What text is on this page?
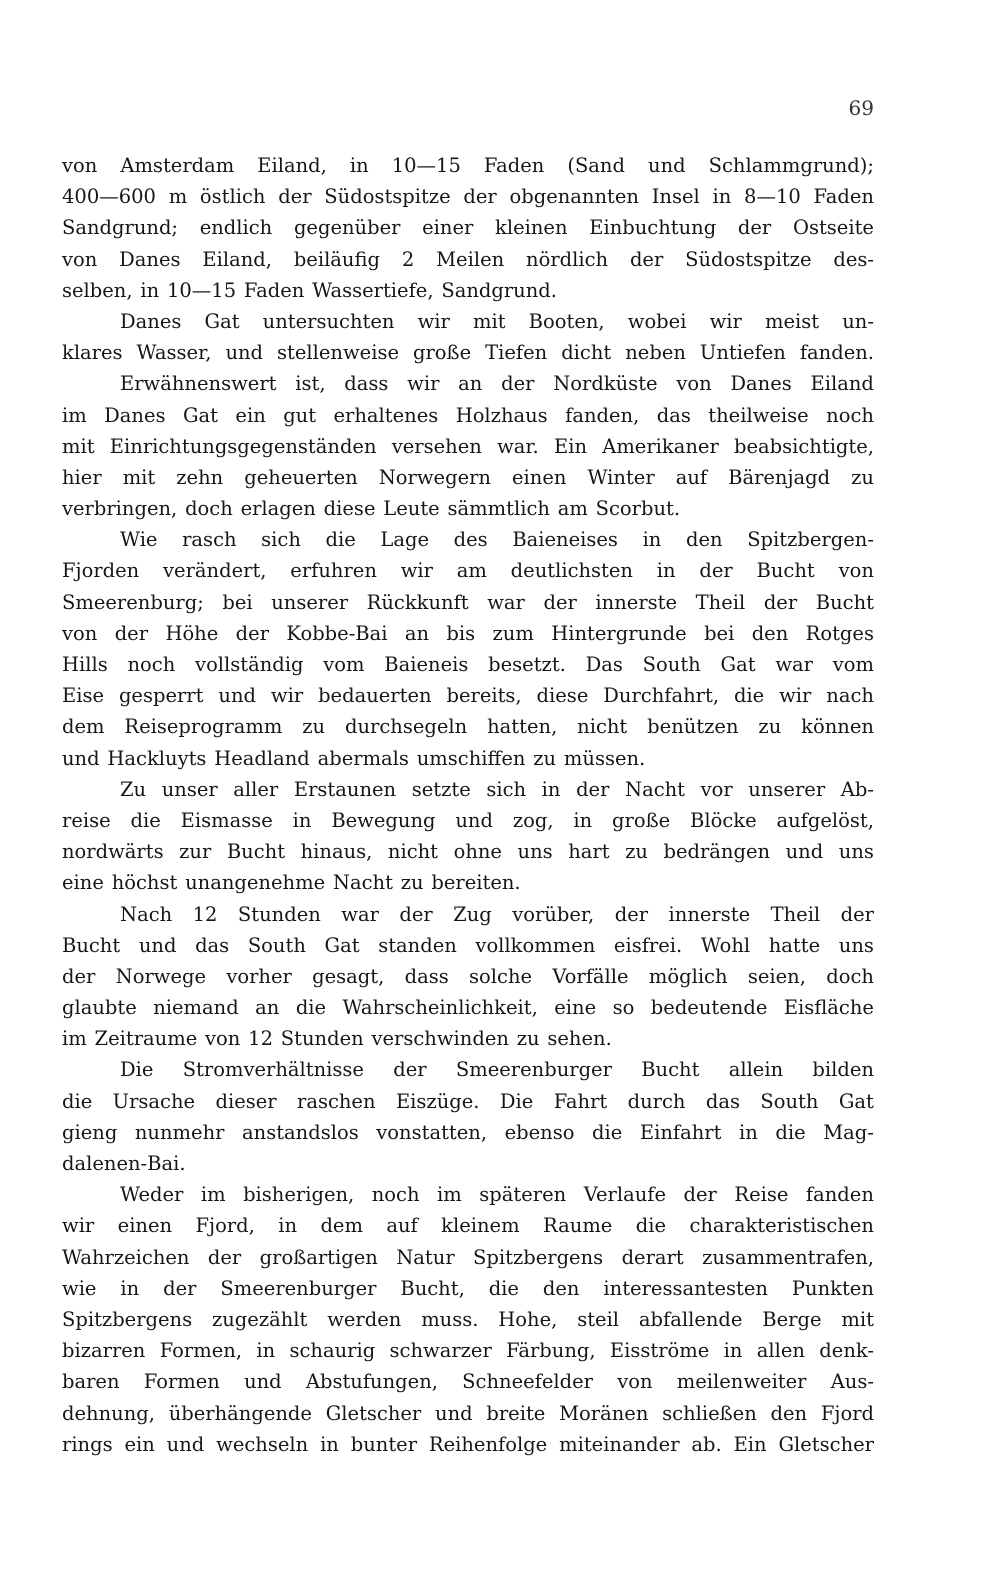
69
von Amsterdam Eiland, in 10—15 Faden (Sand und Schlammgrund);
400—600 m östlich der Südostspitze der obgenannten Insel in 8—10 Faden
Sandgrund; endlich gegenüber einer kleinen Einbuchtung der Ostseite
von Danes Eiland, beiläufig 2 Meilen nördlich der Südostspitze des-
selben, in 10—15 Faden Wassertiefe, Sandgrund.
Danes Gat untersuchten wir mit Booten, wobei wir meist un-
klares Wasser, und stellenweise große Tiefen dicht neben Untiefen fanden.
Erwähnenswert ist, dass wir an der Nordküste von Danes Eiland
im Danes Gat ein gut erhaltenes Holzhaus fanden, das theilweise noch
mit Einrichtungsgegenständen versehen war. Ein Amerikaner beabsichtigte,
hier mit zehn geheuerten Norwegern einen Winter auf Bärenjagd zu
verbringen, doch erlagen diese Leute sämmtlich am Scorbut.
Wie rasch sich die Lage des Baieneises in den Spitzbergen-
Fjorden verändert, erfuhren wir am deutlichsten in der Bucht von
Smeerenburg; bei unserer Rückkunft war der innerste Theil der Bucht
von der Höhe der Kobbe-Bai an bis zum Hintergrunde bei den Rotges
Hills noch vollständig vom Baieneis besetzt. Das South Gat war vom
Eise gesperrt und wir bedauerten bereits, diese Durchfahrt, die wir nach
dem Reiseprogramm zu durchsegeln hatten, nicht benützen zu können
und Hackluyts Headland abermals umschiffen zu müssen.
Zu unser aller Erstaunen setzte sich in der Nacht vor unserer Ab-
reise die Eismasse in Bewegung und zog, in große Blöcke aufgelöst,
nordwärts zur Bucht hinaus, nicht ohne uns hart zu bedrängen und uns
eine höchst unangenehme Nacht zu bereiten.
Nach 12 Stunden war der Zug vorüber, der innerste Theil der
Bucht und das South Gat standen vollkommen eisfrei. Wohl hatte uns
der Norwege vorher gesagt, dass solche Vorfälle möglich seien, doch
glaubte niemand an die Wahrscheinlichkeit, eine so bedeutende Eisfläche
im Zeitraume von 12 Stunden verschwinden zu sehen.
Die Stromverhältnisse der Smeerenburger Bucht allein bilden
die Ursache dieser raschen Eiszüge. Die Fahrt durch das South Gat
gieng nunmehr anstandslos vonstatten, ebenso die Einfahrt in die Mag-
dalenen-Bai.
Weder im bisherigen, noch im späteren Verlaufe der Reise fanden
wir einen Fjord, in dem auf kleinem Raume die charakteristischen
Wahrzeichen der großartigen Natur Spitzbergens derart zusammentrafen,
wie in der Smeerenburger Bucht, die den interessantesten Punkten
Spitzbergens zugezählt werden muss. Hohe, steil abfallende Berge mit
bizarren Formen, in schaurig schwarzer Färbung, Eisströme in allen denk-
baren Formen und Abstufungen, Schneefelder von meilenweiter Aus-
dehnung, überhängende Gletscher und breite Moränen schließen den Fjord
rings ein und wechseln in bunter Reihenfolge miteinander ab. Ein Gletscher
